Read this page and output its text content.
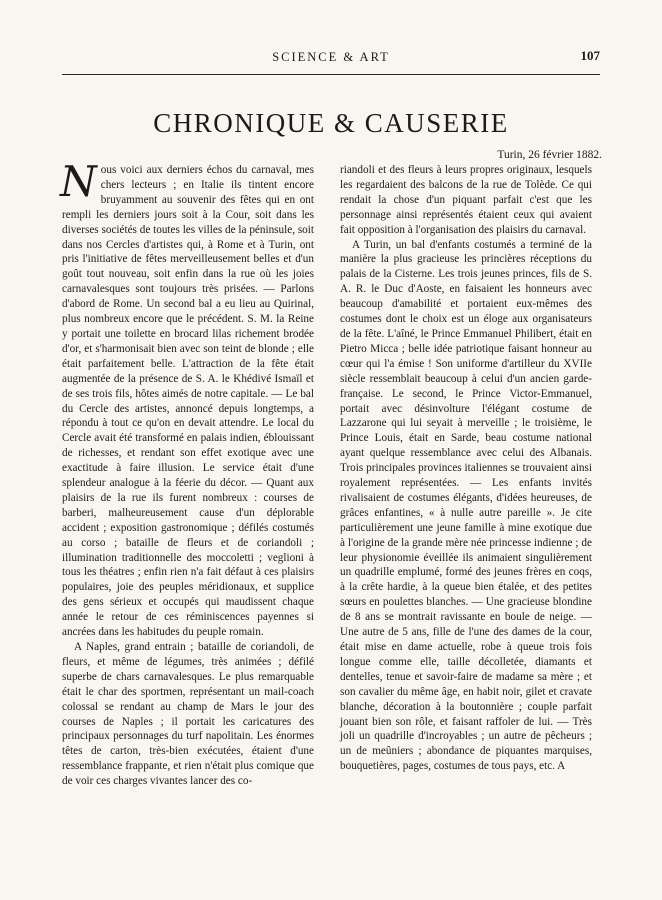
SCIENCE & ART	107
CHRONIQUE & CAUSERIE
Turin, 26 février 1882.

Nous voici aux derniers échos du carnaval, mes chers lecteurs ; en Italie ils tintent encore bruyamment au souvenir des fêtes qui en ont rempli les derniers jours soit à la Cour, soit dans les diverses sociétés de toutes les villes de la péninsule, soit dans nos Cercles d'artistes qui, à Rome et à Turin, ont pris l'initiative de fêtes merveilleusement belles et d'un goût tout nouveau, soit enfin dans la rue où les joies carnavalesques sont toujours très prisées. — Parlons d'abord de Rome. Un second bal a eu lieu au Quirinal, plus nombreux encore que le précédent. S. M. la Reine y portait une toilette en brocard lilas richement brodée d'or, et s'harmonisait bien avec son teint de blonde ; elle était parfaitement belle. L'attraction de la fête était augmentée de la présence de S. A. le Khédivé Ismaïl et de ses trois fils, hôtes aimés de notre capitale. — Le bal du Cercle des artistes, annoncé depuis longtemps, a répondu à tout ce qu'on en devait attendre. Le local du Cercle avait été transformé en palais indien, éblouissant de richesses, et rendant son effet exotique avec une exactitude à faire illusion. Le service était d'une splendeur analogue à la féerie du décor. — Quant aux plaisirs de la rue ils furent nombreux : courses de barberi, malheureusement cause d'un déplorable accident ; exposition gastronomique ; défilés costumés au corso ; bataille de fleurs et de coriandoli ; illumination traditionnelle des moccoletti ; veglioni à tous les théatres ; enfin rien n'a fait défaut à ces plaisirs populaires, joie des peuples méridionaux, et supplice des gens sérieux et occupés qui maudissent chaque année le retour de ces réminiscences payennes si ancrées dans les habitudes du peuple romain.

A Naples, grand entrain ; bataille de coriandoli, de fleurs, et même de légumes, très animées ; défilé superbe de chars carnavalesques. Le plus remarquable était le char des sportmen, représentant un mail-coach colossal se rendant au champ de Mars le jour des courses de Naples ; il portait les caricatures des principaux personnages du turf napolitain. Les énormes têtes de carton, très-bien exécutées, étaient d'une ressemblance frappante, et rien n'était plus comique que de voir ces charges vivantes lancer des co-

riandoli et des fleurs à leurs propres originaux, lesquels les regardaient des balcons de la rue de Tolède. Ce qui rendait la chose d'un piquant parfait c'est que les personnage ainsi représentés étaient ceux qui avaient fait opposition à l'organisation des plaisirs du carnaval.

A Turin, un bal d'enfants costumés a terminé de la manière la plus gracieuse les princières réceptions du palais de la Cisterne. Les trois jeunes princes, fils de S. A. R. le Duc d'Aoste, en faisaient les honneurs avec beaucoup d'amabilité et portaient eux-mêmes des costumes dont le choix est un éloge aux organisateurs de la fête. L'aîné, le Prince Emmanuel Philibert, était en Pietro Micca ; belle idée patriotique faisant honneur au cœur qui l'a émise ! Son uniforme d'artilleur du XVIIe siècle ressemblait beaucoup à celui d'un ancien garde-française. Le second, le Prince Victor-Emmanuel, portait avec désinvolture l'élégant costume de Lazzarone qui lui seyait à merveille ; le troisième, le Prince Louis, était en Sarde, beau costume national ayant quelque ressemblance avec celui des Albanais. Trois principales provinces italiennes se trouvaient ainsi royalement représentées. — Les enfants invités rivalisaient de costumes élégants, d'idées heureuses, de grâces enfantines, « à nulle autre pareille ». Je cite particulièrement une jeune famille à mine exotique due à l'origine de la grande mère née princesse indienne ; de leur physionomie éveillée ils animaient singulièrement un quadrille emplumé, formé des jeunes frères en coqs, à la crête hardie, à la queue bien étalée, et des petites sœurs en poulettes blanches. — Une gracieuse blondine de 8 ans se montrait ravissante en boule de neige. — Une autre de 5 ans, fille de l'une des dames de la cour, était mise en dame actuelle, robe à queue trois fois longue comme elle, taille décolletée, diamants et dentelles, tenue et savoir-faire de madame sa mère ; et son cavalier du même âge, en habit noir, gilet et cravate blanche, décoration à la boutonnière ; couple parfait jouant bien son rôle, et faisant raffoler de lui. — Très joli un quadrille d'incroyables ; un autre de pêcheurs ; un de meûniers ; abondance de piquantes marquises, bouquetières, pages, costumes de tous pays, etc. A
